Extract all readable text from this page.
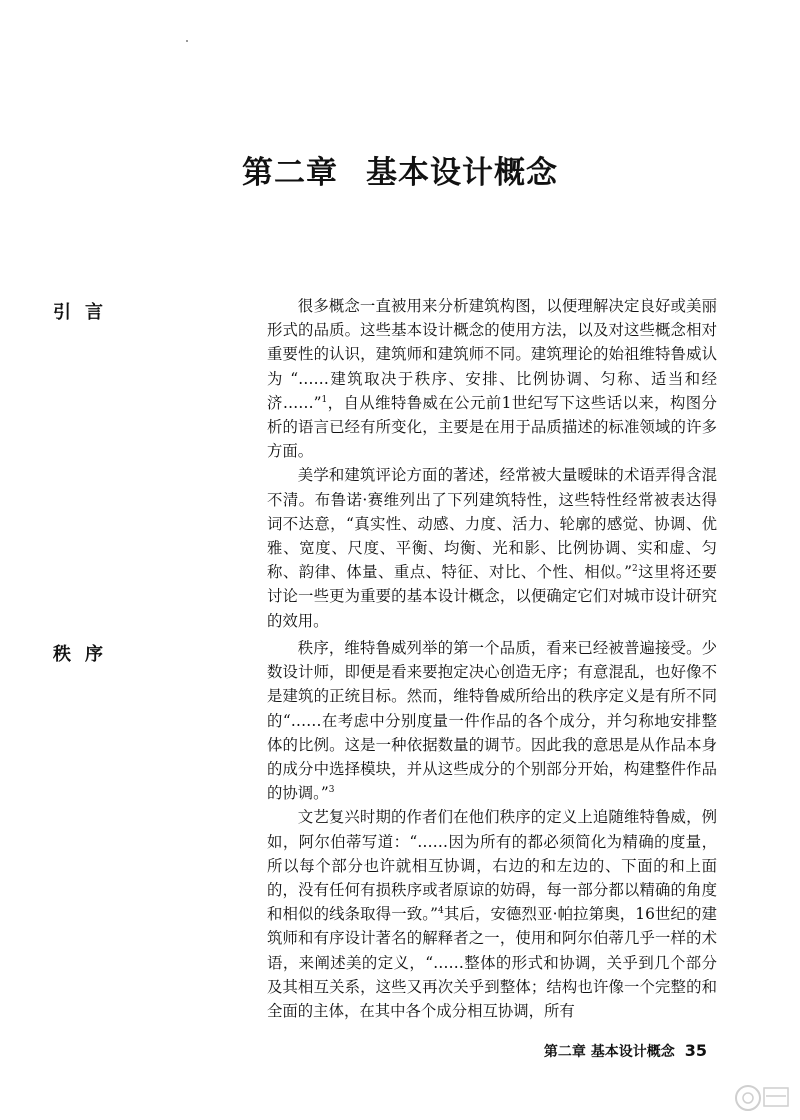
第二章 基本设计概念
引言	很多概念一直被用来分析建筑构图，以便理解决定良好或美丽形式的品质。这些基本设计概念的使用方法，以及对这些概念相对重要性的认识，建筑师和建筑师不同。建筑理论的始祖维特鲁威认为 “……建筑取决于秩序、安排、比例协调、匀称、适当和经济……”$^1$，自从维特鲁威在公元前1世纪写下这些话以来，构图分析的语言已经有所变化，主要是在用于品质描述的标准领域的许多方面。

美学和建筑评论方面的著述，经常被大量暧昧的术语弄得含混不清。布鲁诺·赛维列出了下列建筑特性，这些特性经常被表达得词不达意，“真实性、动感、力度、活力、轮廓的感觉、协调、优雅、宽度、尺度、平衡、均衡、光和影、比例协调、实和虚、匀称、韵律、体量、重点、特征、对比、个性、相似。”$^2$这里将还要讨论一些更为重要的基本设计概念，以便确定它们对城市设计研究的效用。

秩序	秩序，维特鲁威列举的第一个品质，看来已经被普遍接受。少数设计师，即便是看来要抱定决心创造无序；有意混乱，也好像不是建筑的正统目标。然而，维特鲁威所给出的秩序定义是有所不同的“……在考虑中分别度量一件作品的各个成分，并匀称地安排整体的比例。这是一种依据数量的调节。因此我的意思是从作品本身的成分中选择模块，并从这些成分的个别部分开始，构建整件作品的协调。”$^3$

文艺复兴时期的作者们在他们秩序的定义上追随维特鲁威，例如，阿尔伯蒂写道：“……因为所有的都必须简化为精确的度量，所以每个部分也许就相互协调，右边的和左边的、下面的和上面的，没有任何有损秩序或者原谅的妨碍，每一部分都以精确的角度和相似的线条取得一致。”$^4$其后，安德烈亚·帕拉第奥，16世纪的建筑师和有序设计著名的解释者之一，使用和阿尔伯蒂几乎一样的术语，来阐述美的定义，“……整体的形式和协调，关乎到几个部分及其相互关系，这些又再次关乎到整体；结构也许像一个完整的和全面的主体，在其中各个成分相互协调，所有

第二章 基本设计概念 35
